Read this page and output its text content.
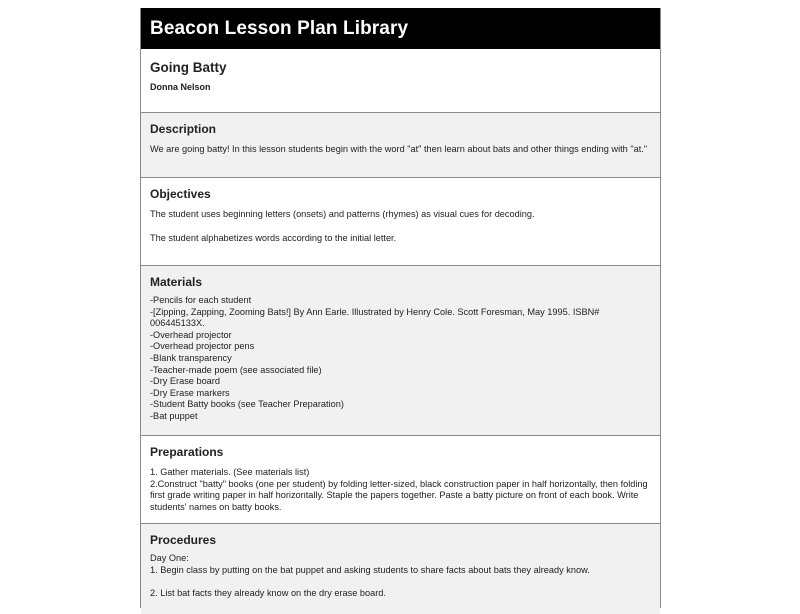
Beacon Lesson Plan Library
Going Batty
Donna Nelson
Description
We are going batty! In this lesson students begin with the word "at" then learn about bats and other things ending with "at."
Objectives

The student uses beginning letters (onsets) and patterns (rhymes) as visual cues for decoding.

The student alphabetizes words according to the initial letter.

Materials
-Pencils for each student
-[Zipping, Zapping, Zooming Bats!] By Ann Earle. Illustrated by Henry Cole. Scott Foresman, May 1995. ISBN#
006445133X.
-Overhead projector
-Overhead projector pens
-Blank transparency
-Teacher-made poem (see associated file)
-Dry Erase board
-Dry Erase markers
-Student Batty books (see Teacher Preparation)
-Bat puppet
Preparations
1. Gather materials. (See materials list)
2.Construct "batty" books (one per student) by folding letter-sized, black construction paper in half horizontally, then folding first grade writing paper in half horizontally. Staple the papers together. Paste a batty picture on front of each book. Write students' names on batty books.
Procedures
Day One:
1. Begin class by putting on the bat puppet and asking students to share facts about bats they already know.
2. List bat facts they already know on the dry erase board.
